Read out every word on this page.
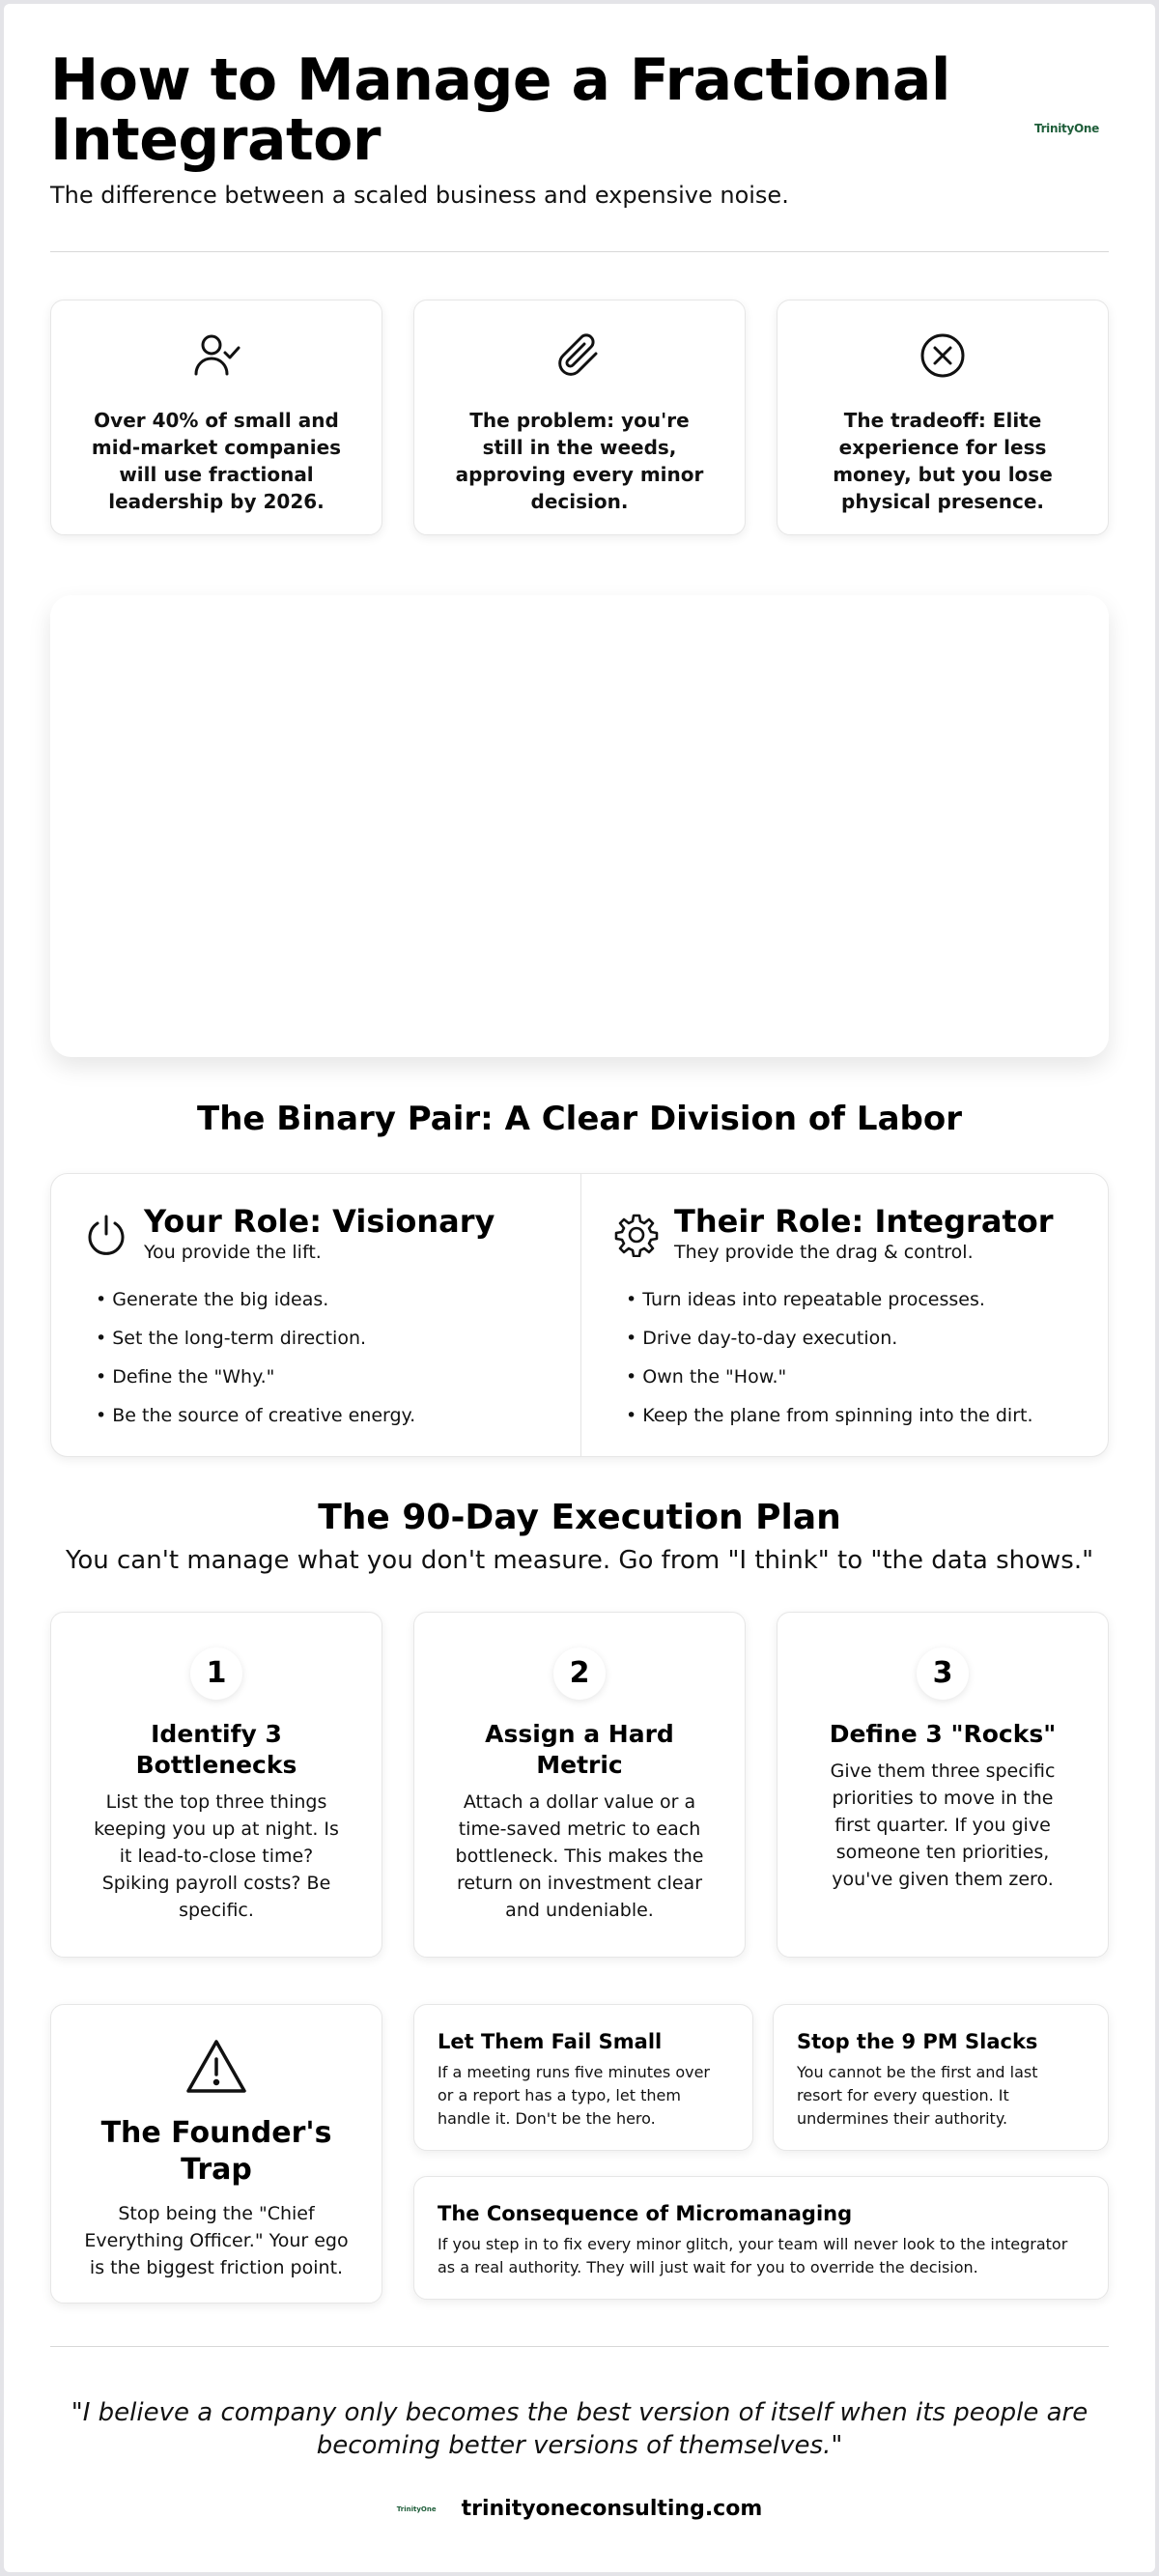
How to Manage a Fractional Integrator

The difference between a scaled business and expensive noise.

TrinityOne

Over 40% of small and mid-market companies will use fractional leadership by 2026.

The problem: you're still in the weeds, approving every minor decision.

The tradeoff: Elite experience for less money, but you lose physical presence.

The Binary Pair: A Clear Division of Labor
Your Role: Visionary
You provide the lift.
• Generate the big ideas.
• Set the long-term direction.
• Define the "Why."
• Be the source of creative energy.
Their Role: Integrator
They provide the drag & control.
• Turn ideas into repeatable processes.
• Drive day-to-day execution.
• Own the "How."
• Keep the plane from spinning into the dirt.
The 90-Day Execution Plan

You can't manage what you don't measure. Go from "I think" to "the data shows."

1
Identify 3 Bottlenecks
List the top three things keeping you up at night. Is it lead-to-close time? Spiking payroll costs? Be specific.
2
Assign a Hard Metric
Attach a dollar value or a time-saved metric to each bottleneck. This makes the return on investment clear and undeniable.
3
Define 3 "Rocks"
Give them three specific priorities to move in the first quarter. If you give someone ten priorities, you've given them zero.
The Founder's Trap
Stop being the "Chief Everything Officer." Your ego is the biggest friction point.
Let Them Fail Small
If a meeting runs five minutes over or a report has a typo, let them handle it. Don't be the hero.
Stop the 9 PM Slacks
You cannot be the first and last resort for every question. It undermines their authority.
The Consequence of Micromanaging
If you step in to fix every minor glitch, your team will never look to the integrator as a real authority. They will just wait for you to override the decision.

"I believe a company only becomes the best version of itself when its people are becoming better versions of themselves."

TrinityOne trinityoneconsulting.com
